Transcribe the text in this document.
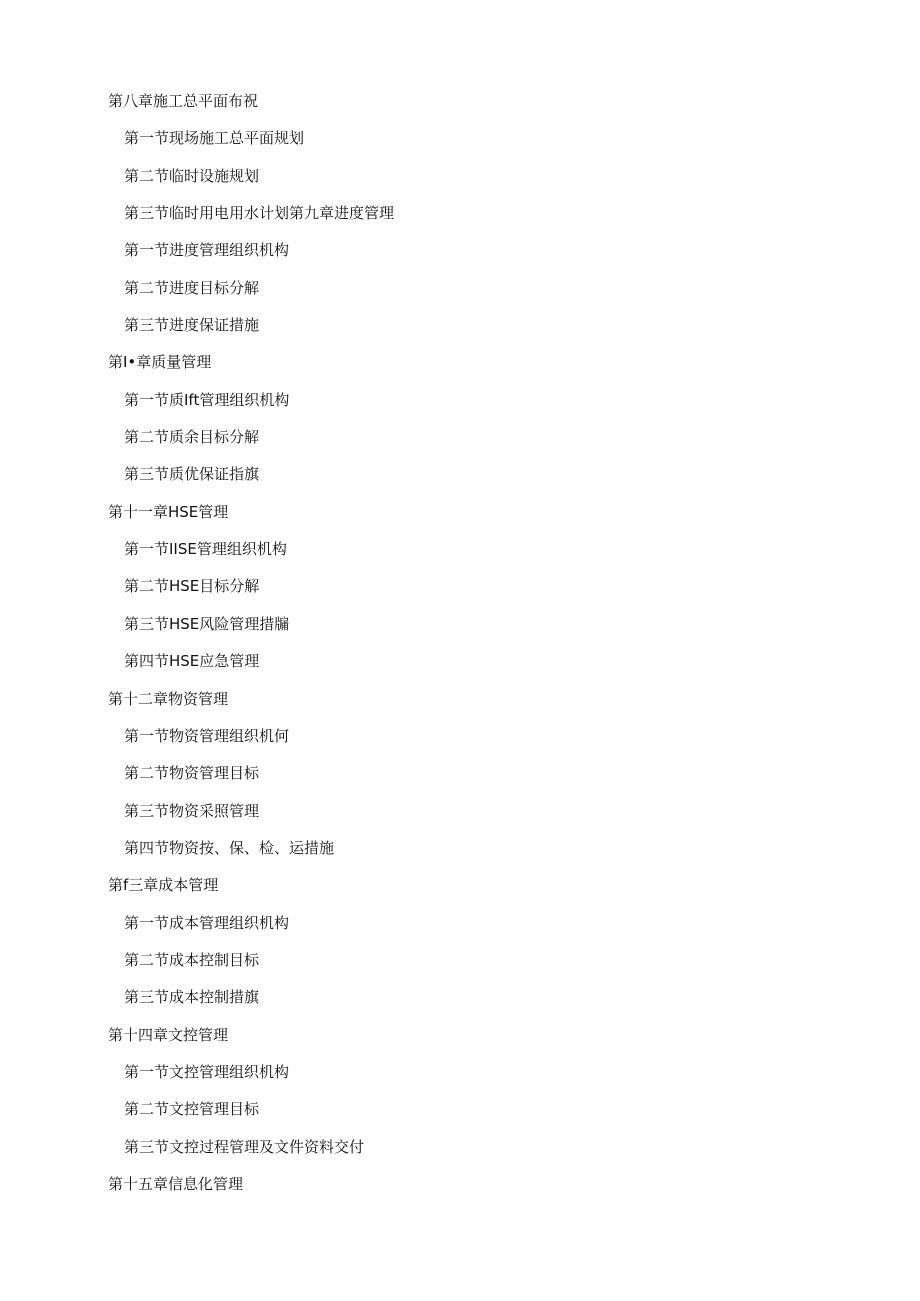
第八章施工总平面布祝
第一节现场施工总平面规划
第二节临时设施规划
第三节临时用电用水计划第九章进度管理
第一节进度管理组织机构
第二节进度目标分解
第三节进度保证措施
第I•章质量管理
第一节质Ift管理组织机构
第二节质余目标分解
第三节质优保证指旗
第十一章HSE管理
第一节IISE管理组织机构
第二节HSE目标分解
第三节HSE风险管理措牖
第四节HSE应急管理
第十二章物资管理
第一节物资管理组织机何
第二节物资管理目标
第三节物资采照管理
第四节物资按、保、检、运措施
第f三章成本管理
第一节成本管理组织机构
第二节成本控制目标
第三节成本控制措旗
第十四章文控管理
第一节文控管理组织机构
第二节文控管理目标
第三节文控过程管理及文件资料交付
第十五章信息化管理
